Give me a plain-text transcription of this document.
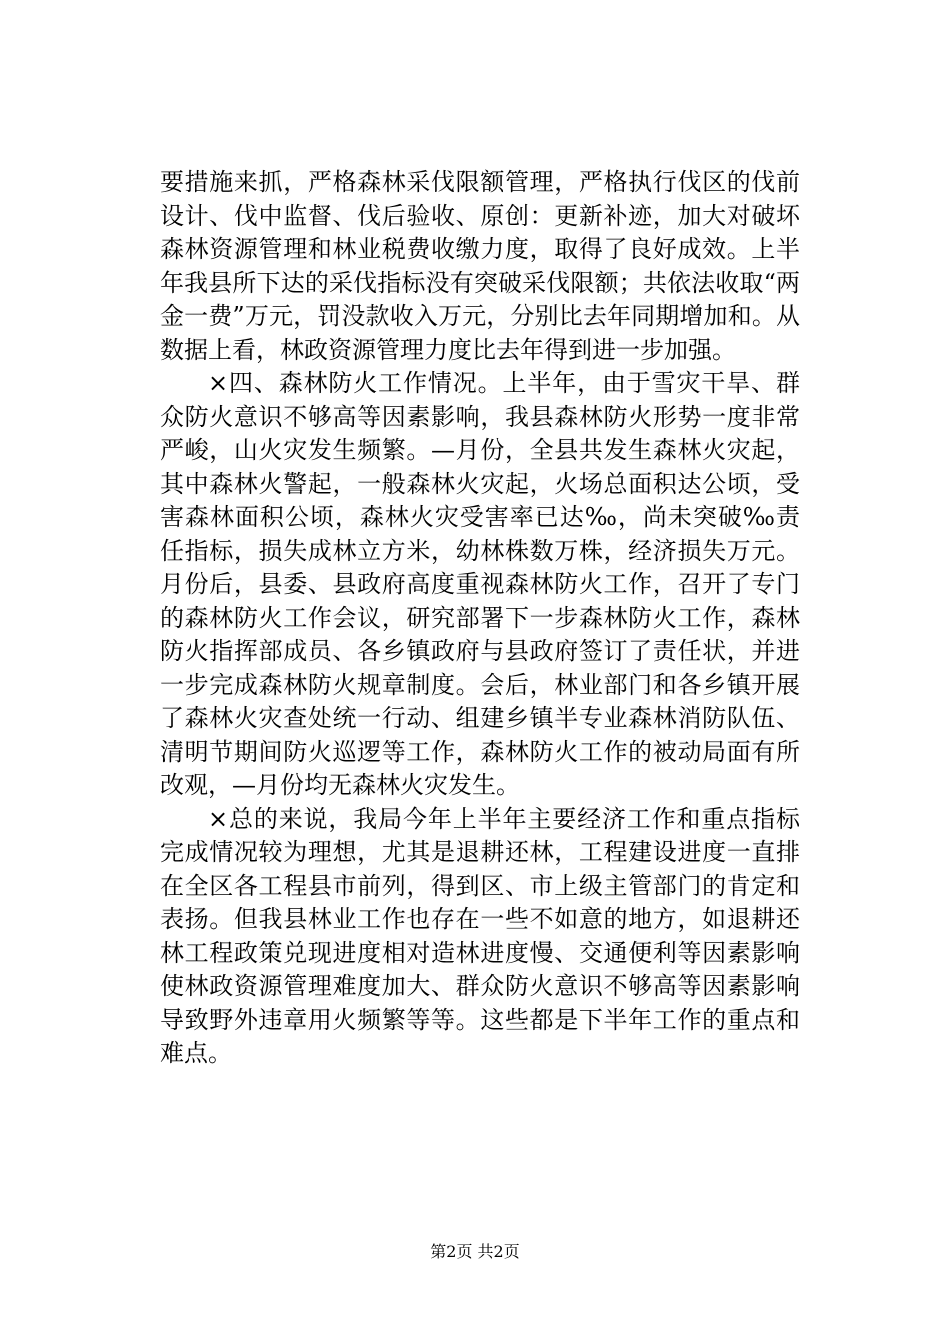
要措施来抓，严格森林采伐限额管理，严格执行伐区的伐前设计、伐中监督、伐后验收、原创：更新补迹，加大对破坏森林资源管理和林业税费收缴力度，取得了良好成效。上半年我县所下达的采伐指标没有突破采伐限额；共依法收取“两金一费”万元，罚没款收入万元，分别比去年同期增加和。从数据上看，林政资源管理力度比去年得到进一步加强。

×四、森林防火工作情况。上半年，由于雪灾干旱、群众防火意识不够高等因素影响，我县森林防火形势一度非常严峻，山火灾发生频繁。—月份，全县共发生森林火灾起，其中森林火警起，一般森林火灾起，火场总面积达公顷，受害森林面积公顷，森林火灾受害率已达‰，尚未突破‰责任指标，损失成林立方米，幼林株数万株，经济损失万元。月份后，县委、县政府高度重视森林防火工作，召开了专门的森林防火工作会议，研究部署下一步森林防火工作，森林防火指挥部成员、各乡镇政府与县政府签订了责任状，并进一步完成森林防火规章制度。会后，林业部门和各乡镇开展了森林火灾查处统一行动、组建乡镇半专业森林消防队伍、清明节期间防火巡逻等工作，森林防火工作的被动局面有所改观，—月份均无森林火灾发生。

×总的来说，我局今年上半年主要经济工作和重点指标完成情况较为理想，尤其是退耕还林，工程建设进度一直排在全区各工程县市前列，得到区、市上级主管部门的肯定和表扬。但我县林业工作也存在一些不如意的地方，如退耕还林工程政策兑现进度相对造林进度慢、交通便利等因素影响使林政资源管理难度加大、群众防火意识不够高等因素影响导致野外违章用火频繁等等。这些都是下半年工作的重点和难点。

第2页 共2页
